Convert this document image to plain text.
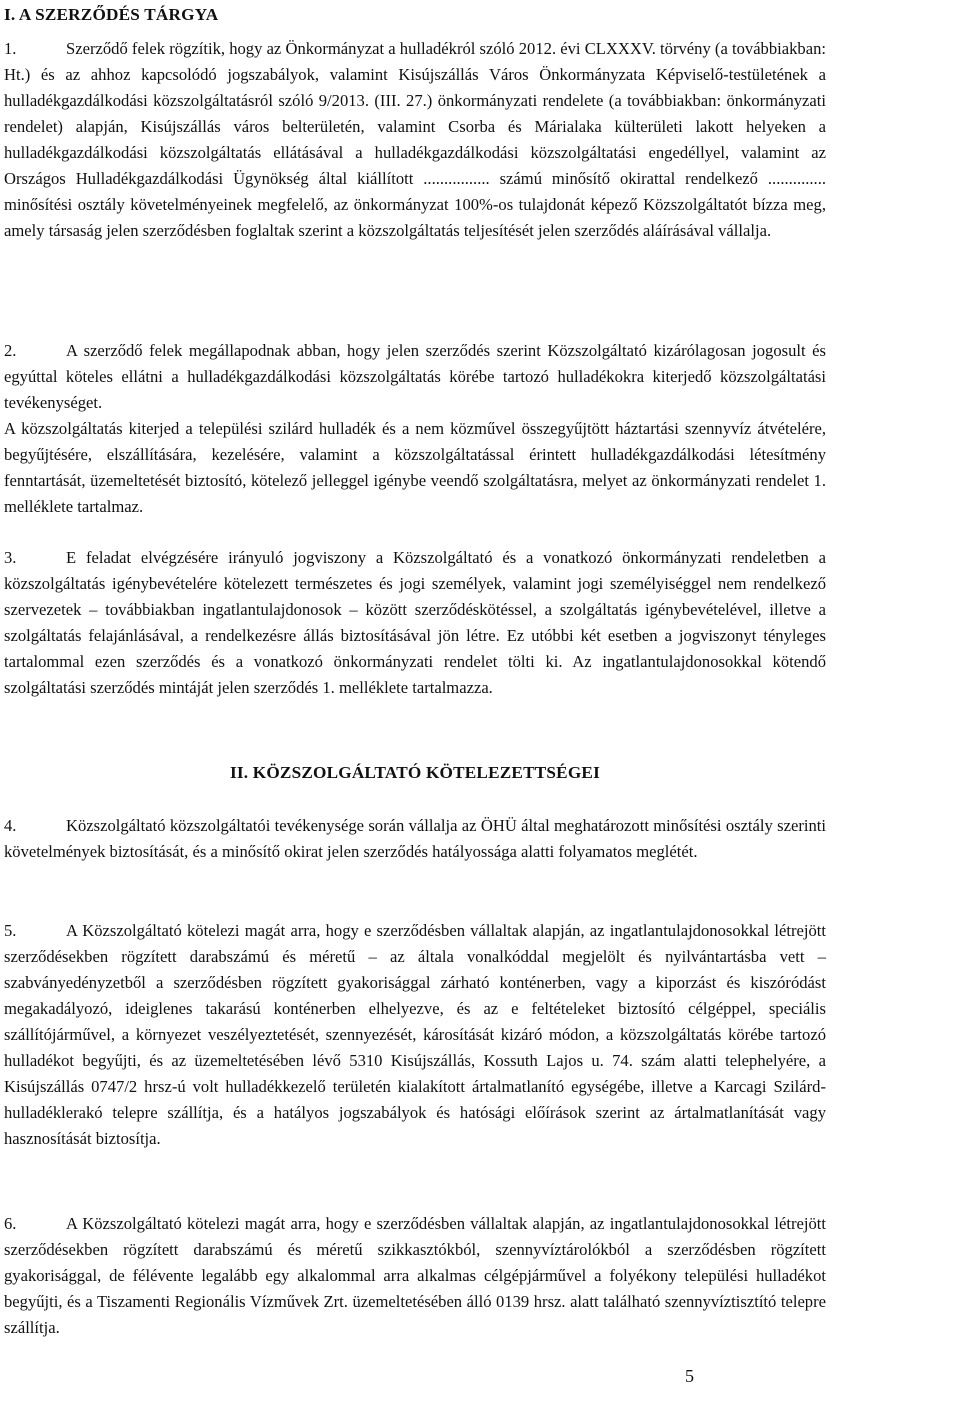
I. A SZERZŐDÉS TÁRGYA

1.	Szerződő felek rögzítik, hogy az Önkormányzat a hulladékról szóló 2012. évi CLXXXV. törvény (a továbbiakban: Ht.) és az ahhoz kapcsolódó jogszabályok, valamint Kisújszállás Város Önkormányzata Képviselő-testületének a hulladékgazdálkodási közszolgáltatásról szóló 9/2013. (III. 27.) önkormányzati rendelete (a továbbiakban: önkormányzati rendelet) alapján, Kisújszállás város belterületén, valamint Csorba és Márialaka külterületi lakott helyeken a hulladékgazdálkodási közszolgáltatás ellátásával a hulladékgazdálkodási közszolgáltatási engedéllyel, valamint az Országos Hulladékgazdálkodási Ügynökség által kiállított ................ számú minősítő okirattal rendelkező .............. minősítési osztály követelményeinek megfelelő, az önkormányzat 100%-os tulajdonát képező Közszolgáltatót bízza meg, amely társaság jelen szerződésben foglaltak szerint a közszolgáltatás teljesítését jelen szerződés aláírásával vállalja.

2.	A szerződő felek megállapodnak abban, hogy jelen szerződés szerint Közszolgáltató kizárólagosan jogosult és egyúttal köteles ellátni a hulladékgazdálkodási közszolgáltatás körébe tartozó hulladékokra kiterjedő közszolgáltatási tevékenységet.

A közszolgáltatás kiterjed a települési szilárd hulladék és a nem közművel összegyűjtött háztartási szennyvíz átvételére, begyűjtésére, elszállítására, kezelésére, valamint a közszolgáltatással érintett hulladékgazdálkodási létesítmény fenntartását, üzemeltetését biztosító, kötelező jelleggel igénybe veendő szolgáltatásra, melyet az önkormányzati rendelet 1. melléklete tartalmaz.

3.	E feladat elvégzésére irányuló jogviszony a Közszolgáltató és a vonatkozó önkormányzati rendeletben a közszolgáltatás igénybevételére kötelezett természetes és jogi személyek, valamint jogi személyiséggel nem rendelkező szervezetek – továbbiakban ingatlantulajdonosok – között szerződéskötéssel, a szolgáltatás igénybevételével, illetve a szolgáltatás felajánlásával, a rendelkezésre állás biztosításával jön létre. Ez utóbbi két esetben a jogviszonyt tényleges tartalommal ezen szerződés és a vonatkozó önkormányzati rendelet tölti ki. Az ingatlantulajdonosokkal kötendő szolgáltatási szerződés mintáját jelen szerződés 1. melléklete tartalmazza.

II. KÖZSZOLGÁLTATÓ KÖTELEZETTSÉGEI

4.	Közszolgáltató közszolgáltatói tevékenysége során vállalja az ÖHÜ által meghatározott minősítési osztály szerinti követelmények biztosítását, és a minősítő okirat jelen szerződés hatályossága alatti folyamatos meglétét.

5.	A Közszolgáltató kötelezi magát arra, hogy e szerződésben vállaltak alapján, az ingatlantulajdonosokkal létrejött szerződésekben rögzített darabszámú és méretű – az általa vonalkóddal megjelölt és nyilvántartásba vett – szabványedényzetből a szerződésben rögzített gyakorisággal zárható konténerben, vagy a kiporzást és kiszóródást megakadályozó, ideiglenes takarású konténerben elhelyezve, és az e feltételeket biztosító célgéppel, speciális szállítójárművel, a környezet veszélyeztetését, szennyezését, károsítását kizáró módon, a közszolgáltatás körébe tartozó hulladékot begyűjti, és az üzemeltetésében lévő 5310 Kisújszállás, Kossuth Lajos u. 74. szám alatti telephelyére, a Kisújszállás 0747/2 hrsz-ú volt hulladékkezelő területén kialakított ártalmatlanító egységébe, illetve a Karcagi Szilárd-hulladéklerakó telepre szállítja, és a hatályos jogszabályok és hatósági előírások szerint az ártalmatlanítását vagy hasznosítását biztosítja.

6.	A Közszolgáltató kötelezi magát arra, hogy e szerződésben vállaltak alapján, az ingatlantulajdonosokkal létrejött szerződésekben rögzített darabszámú és méretű szikkasztókból, szennyvíztárolókból a szerződésben rögzített gyakorisággal, de félévente legalább egy alkalommal arra alkalmas célgépjárművel a folyékony települési hulladékot begyűjti, és a Tiszamenti Regionális Vízművek Zrt. üzemeltetésében álló 0139 hrsz. alatt található szennyvíztisztító telepre szállítja.

5
